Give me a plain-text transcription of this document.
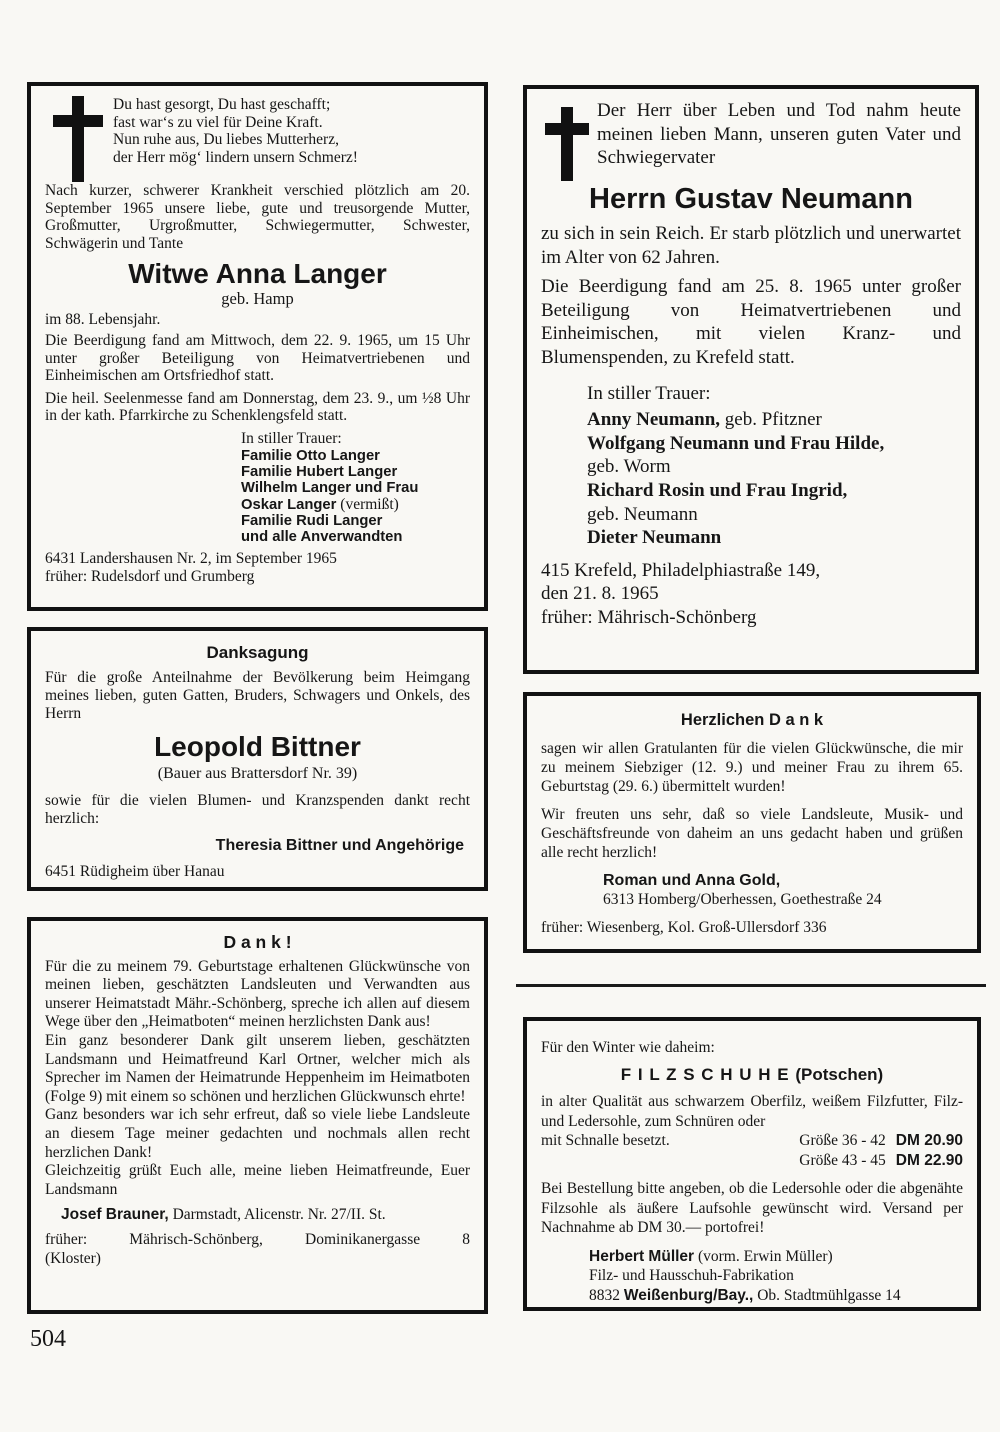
Du hast gesorgt, Du hast geschafft;
fast war‘s zu viel für Deine Kraft.
Nun ruhe aus, Du liebes Mutterherz,
der Herr mög‘ lindern unsern Schmerz!

Nach kurzer, schwerer Krankheit verschied plötzlich am 20. September 1965 unsere liebe, gute und treusorgende Mutter, Großmutter, Urgroßmutter, Schwiegermutter, Schwester, Schwägerin und Tante

Witwe Anna Langer
geb. Hamp
im 88. Lebensjahr.

Die Beerdigung fand am Mittwoch, dem 22. 9. 1965, um 15 Uhr unter großer Beteiligung von Heimatvertriebenen und Einheimischen am Ortsfriedhof statt.

Die heil. Seelenmesse fand am Donnerstag, dem 23. 9., um ½8 Uhr in der kath. Pfarrkirche zu Schenklengsfeld statt.

In stiller Trauer:
Familie Otto Langer
Familie Hubert Langer
Wilhelm Langer und Frau
Oskar Langer (vermißt)
Familie Rudi Langer
und alle Anverwandten
6431 Landershausen Nr. 2, im September 1965
früher: Rudelsdorf und Grumberg
Danksagung

Für die große Anteilnahme der Bevölkerung beim Heimgang meines lieben, guten Gatten, Bruders, Schwagers und Onkels, des Herrn

Leopold Bittner
(Bauer aus Brattersdorf Nr. 39)

sowie für die vielen Blumen- und Kranzspenden dankt recht herzlich:

Theresia Bittner und Angehörige
6451 Rüdigheim über Hanau
D a n k !

Für die zu meinem 79. Geburtstage erhaltenen Glückwünsche von meinen lieben, geschätzten Landsleuten und Verwandten aus unserer Heimatstadt Mähr.-Schönberg, spreche ich allen auf diesem Wege über den „Heimatboten“ meinen herzlichsten Dank aus!

Ein ganz besonderer Dank gilt unserem lieben, geschätzten Landsmann und Heimatfreund Karl Ortner, welcher mich als Sprecher im Namen der Heimatrunde Heppenheim im Heimatboten (Folge 9) mit einem so schönen und herzlichen Glückwunsch ehrte!

Ganz besonders war ich sehr erfreut, daß so viele liebe Landsleute an diesem Tage meiner gedachten und nochmals allen recht herzlichen Dank!

Gleichzeitig grüßt Euch alle, meine lieben Heimatfreunde, Euer Landsmann

Josef Brauner, Darmstadt, Alicenstr. Nr. 27/II. St.
früher: Mährisch-Schönberg, Dominikanergasse 8
(Kloster)
Der Herr über Leben und Tod nahm heute meinen lieben Mann, unseren guten Vater und Schwiegervater
Herrn Gustav Neumann

zu sich in sein Reich. Er starb plötzlich und unerwartet im Alter von 62 Jahren.

Die Beerdigung fand am 25. 8. 1965 unter großer Beteiligung von Heimatvertriebenen und Einheimischen, mit vielen Kranz- und Blumenspenden, zu Krefeld statt.

In stiller Trauer:
Anny Neumann, geb. Pfitzner
Wolfgang Neumann und Frau Hilde,
geb. Worm
Richard Rosin und Frau Ingrid,
geb. Neumann
Dieter Neumann
415 Krefeld, Philadelphiastraße 149,
den 21. 8. 1965
früher: Mährisch-Schönberg
Herzlichen D a n k

sagen wir allen Gratulanten für die vielen Glückwünsche, die mir zu meinem Siebziger (12. 9.) und meiner Frau zu ihrem 65. Geburtstag (29. 6.) übermittelt wurden!

Wir freuten uns sehr, daß so viele Landsleute, Musik- und Geschäftsfreunde von daheim an uns gedacht haben und grüßen alle recht herzlich!

Roman und Anna Gold,
6313 Homberg/Oberhessen, Goethestraße 24
früher: Wiesenberg, Kol. Groß-Ullersdorf 336
Für den Winter wie daheim:
F I L Z S C H U H E (Potschen)

in alter Qualität aus schwarzem Oberfilz, weißem Filzfutter, Filz- und Ledersohle, zum Schnüren oder

mit Schnalle besetzt.	Größe 36 - 42 DM 20.90
Größe 43 - 45 DM 22.90

Bei Bestellung bitte angeben, ob die Ledersohle oder die abgenähte Filzsohle als äußere Laufsohle gewünscht wird. Versand per Nachnahme ab DM 30.— portofrei!

Herbert Müller (vorm. Erwin Müller)
Filz- und Hausschuh-Fabrikation
8832 Weißenburg/Bay., Ob. Stadtmühlgasse 14
504
